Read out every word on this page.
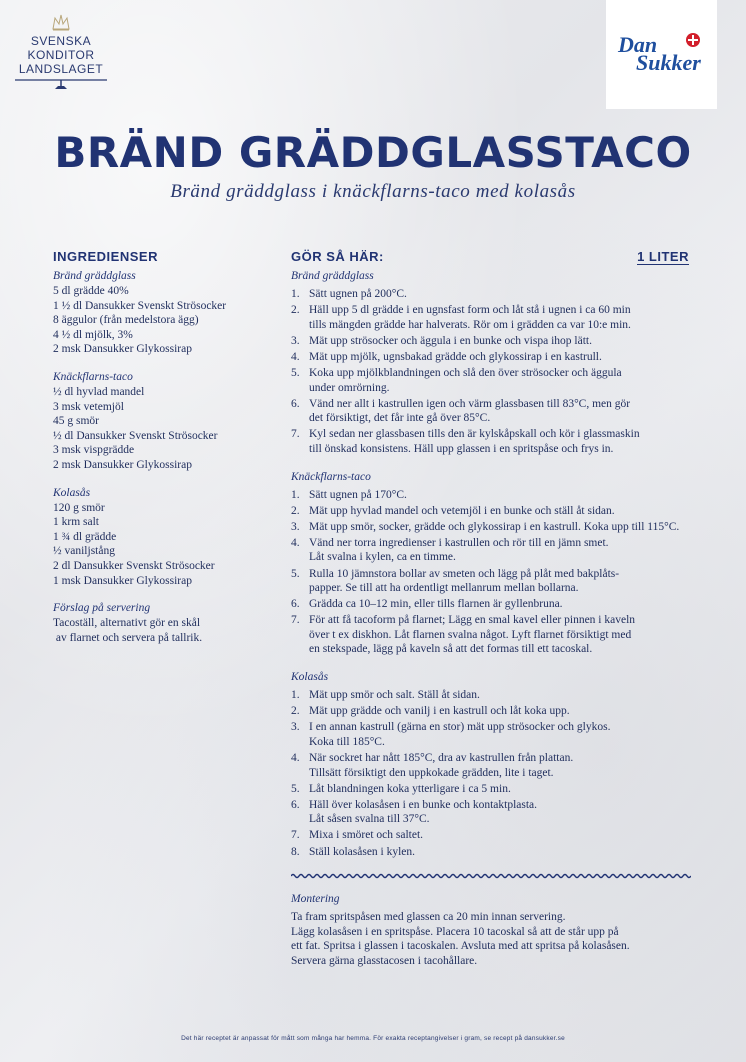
SVENSKA
KONDITOR
LANDSLAGET
Dan
Sukker
BRÄND GRÄDDGLASSTACO
Bränd gräddglass i knäckflarns-taco med kolasås
INGREDIENSER
Bränd gräddglass
5 dl grädde 40%
1 ½ dl Dansukker Svenskt Strösocker
8 äggulor (från medelstora ägg)
4 ½ dl mjölk, 3%
2 msk Dansukker Glykossirap
Knäckflarns-taco
½ dl hyvlad mandel
3 msk vetemjöl
45 g smör
½ dl Dansukker Svenskt Strösocker
3 msk vispgrädde
2 msk Dansukker Glykossirap
Kolasås
120 g smör
1 krm salt
1 ¾ dl grädde
½ vaniljstång
2 dl Dansukker Svenskt Strösocker
1 msk Dansukker Glykossirap
Förslag på servering
Tacoställ, alternativt gör en skål
av flarnet och servera på tallrik.
GÖR SÅ HÄR:	1 LITER
Bränd gräddglass
1. Sätt ugnen på 200°C.
2. Häll upp 5 dl grädde i en ugnsfast form och låt stå i ugnen i ca 60 min
tills mängden grädde har halverats. Rör om i grädden ca var 10:e min.
3. Mät upp strösocker och äggula i en bunke och vispa ihop lätt.
4. Mät upp mjölk, ugnsbakad grädde och glykossirap i en kastrull.
5. Koka upp mjölkblandningen och slå den över strösocker och äggula
under omrörning.
6. Vänd ner allt i kastrullen igen och värm glassbasen till 83°C, men gör
det försiktigt, det får inte gå över 85°C.
7. Kyl sedan ner glassbasen tills den är kylskåpskall och kör i glassmaskin
till önskad konsistens. Häll upp glassen i en spritspåse och frys in.
Knäckflarns-taco
1. Sätt ugnen på 170°C.
2. Mät upp hyvlad mandel och vetemjöl i en bunke och ställ åt sidan.
3. Mät upp smör, socker, grädde och glykossirap i en kastrull. Koka upp till 115°C.
4. Vänd ner torra ingredienser i kastrullen och rör till en jämn smet.
Låt svalna i kylen, ca en timme.
5. Rulla 10 jämnstora bollar av smeten och lägg på plåt med bakplåts-
papper. Se till att ha ordentligt mellanrum mellan bollarna.
6. Grädda ca 10–12 min, eller tills flarnen är gyllenbruna.
7. För att få tacoform på flarnet; Lägg en smal kavel eller pinnen i kaveln
över t ex diskhon. Låt flarnen svalna något. Lyft flarnet försiktigt med
en stekspade, lägg på kaveln så att det formas till ett tacoskal.
Kolasås
1. Mät upp smör och salt. Ställ åt sidan.
2. Mät upp grädde och vanilj i en kastrull och låt koka upp.
3. I en annan kastrull (gärna en stor) mät upp strösocker och glykos.
Koka till 185°C.
4. När sockret har nått 185°C, dra av kastrullen från plattan.
Tillsätt försiktigt den uppkokade grädden, lite i taget.
5. Låt blandningen koka ytterligare i ca 5 min.
6. Häll över kolasåsen i en bunke och kontaktplasta.
Låt såsen svalna till 37°C.
7. Mixa i smöret och saltet.
8. Ställ kolasåsen i kylen.
Montering

Ta fram spritspåsen med glassen ca 20 min innan servering.

Lägg kolasåsen i en spritspåse. Placera 10 tacoskal så att de står upp på

ett fat. Spritsa i glassen i tacoskalen. Avsluta med att spritsa på kolasåsen.

Servera gärna glasstacosen i tacohållare.

Det här receptet är anpassat för mått som många har hemma. För exakta receptangivelser i gram, se recept på dansukker.se
